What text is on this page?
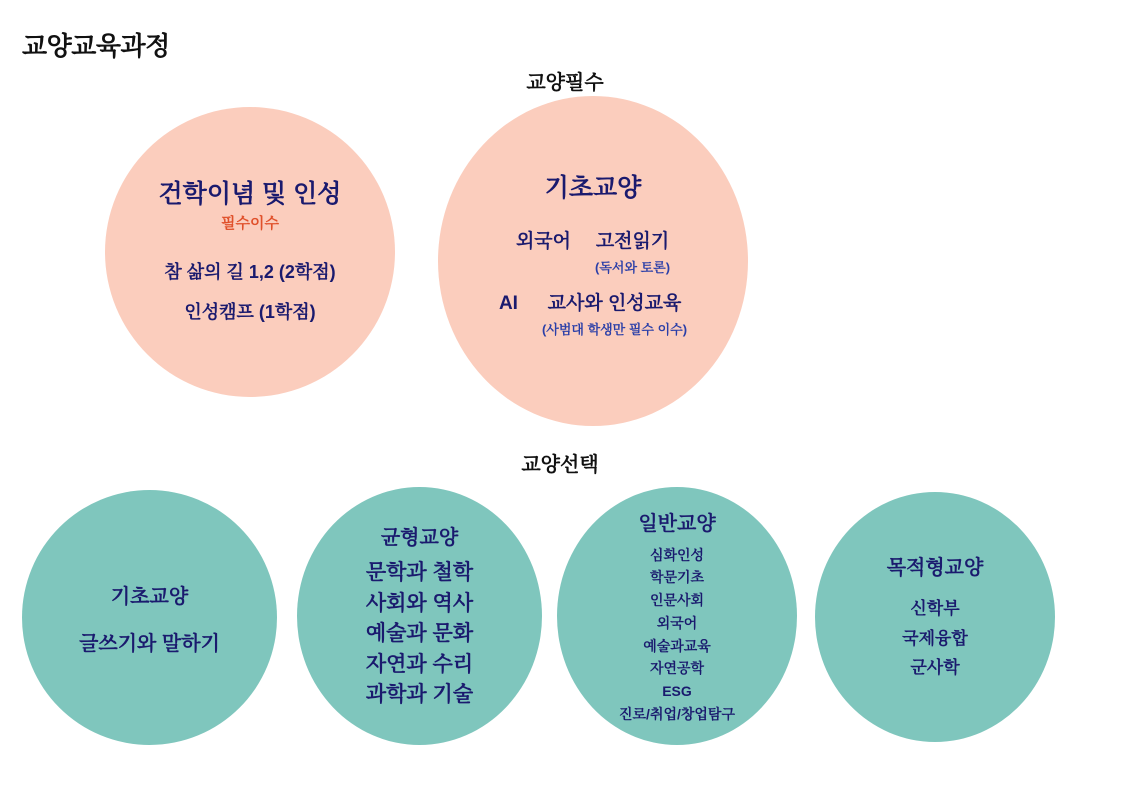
교양교육과정
교양필수
교양선택
건학이념 및 인성
필수이수
참 삶의 길 1,2 (2학점)
인성캠프 (1학점)
기초교양
외국어 고전읽기
(독서와 토론)
AI 교사와 인성교육
(사범대 학생만 필수 이수)
기초교양
글쓰기와 말하기
균형교양
문학과 철학
사회와 역사
예술과 문화
자연과 수리
과학과 기술
일반교양
심화인성
학문기초
인문사회
외국어
예술과교육
자연공학
ESG
진로/취업/창업탐구
목적형교양
신학부
국제융합
군사학
